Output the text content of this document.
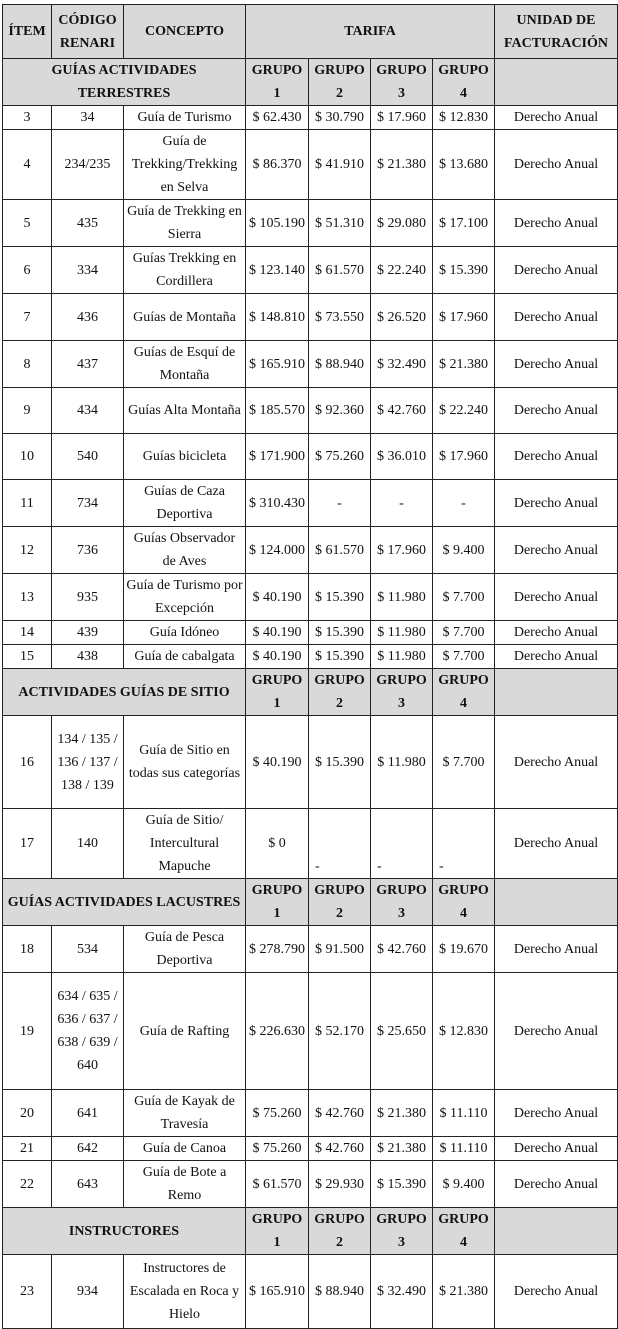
ÍTEM	CÓDIGO RENARI	CONCEPTO	TARIFA				UNIDAD DE FACTURACIÓN
GUÍAS ACTIVIDADES TERRESTRES			GRUPO 1	GRUPO 2	GRUPO 3	GRUPO 4	
3	34	Guía de Turismo	$ 62.430	$ 30.790	$ 17.960	$ 12.830	Derecho Anual
4	234/235	Guía de Trekking/Trekking en Selva	$ 86.370	$ 41.910	$ 21.380	$ 13.680	Derecho Anual
5	435	Guía de Trekking en Sierra	$ 105.190	$ 51.310	$ 29.080	$ 17.100	Derecho Anual
6	334	Guías Trekking en Cordillera	$ 123.140	$ 61.570	$ 22.240	$ 15.390	Derecho Anual
7	436	Guías de Montaña	$ 148.810	$ 73.550	$ 26.520	$ 17.960	Derecho Anual
8	437	Guías de Esquí de Montaña	$ 165.910	$ 88.940	$ 32.490	$ 21.380	Derecho Anual
9	434	Guías Alta Montaña	$ 185.570	$ 92.360	$ 42.760	$ 22.240	Derecho Anual
10	540	Guías bicicleta	$ 171.900	$ 75.260	$ 36.010	$ 17.960	Derecho Anual
11	734	Guías de Caza Deportiva	$ 310.430	-	-	-	Derecho Anual
12	736	Guías Observador de Aves	$ 124.000	$ 61.570	$ 17.960	$ 9.400	Derecho Anual
13	935	Guía de Turismo por Excepción	$ 40.190	$ 15.390	$ 11.980	$ 7.700	Derecho Anual
14	439	Guía Idóneo	$ 40.190	$ 15.390	$ 11.980	$ 7.700	Derecho Anual
15	438	Guía de cabalgata	$ 40.190	$ 15.390	$ 11.980	$ 7.700	Derecho Anual
ACTIVIDADES GUÍAS DE SITIO			GRUPO 1	GRUPO 2	GRUPO 3	GRUPO 4	
16	134 / 135 / 136 / 137 / 138 / 139	Guía de Sitio en todas sus categorías	$ 40.190	$ 15.390	$ 11.980	$ 7.700	Derecho Anual
17	140	Guía de Sitio/ Intercultural Mapuche	$ 0	-	-	-	Derecho Anual
GUÍAS ACTIVIDADES LACUSTRES			GRUPO 1	GRUPO 2	GRUPO 3	GRUPO 4	
18	534	Guía de Pesca Deportiva	$ 278.790	$ 91.500	$ 42.760	$ 19.670	Derecho Anual
19	634 / 635 / 636 / 637 / 638 / 639 / 640	Guía de Rafting	$ 226.630	$ 52.170	$ 25.650	$ 12.830	Derecho Anual
20	641	Guía de Kayak de Travesía	$ 75.260	$ 42.760	$ 21.380	$ 11.110	Derecho Anual
21	642	Guía de Canoa	$ 75.260	$ 42.760	$ 21.380	$ 11.110	Derecho Anual
22	643	Guía de Bote a Remo	$ 61.570	$ 29.930	$ 15.390	$ 9.400	Derecho Anual
INSTRUCTORES			GRUPO 1	GRUPO 2	GRUPO 3	GRUPO 4	
23	934	Instructores de Escalada en Roca y Hielo	$ 165.910	$ 88.940	$ 32.490	$ 21.380	Derecho Anual
